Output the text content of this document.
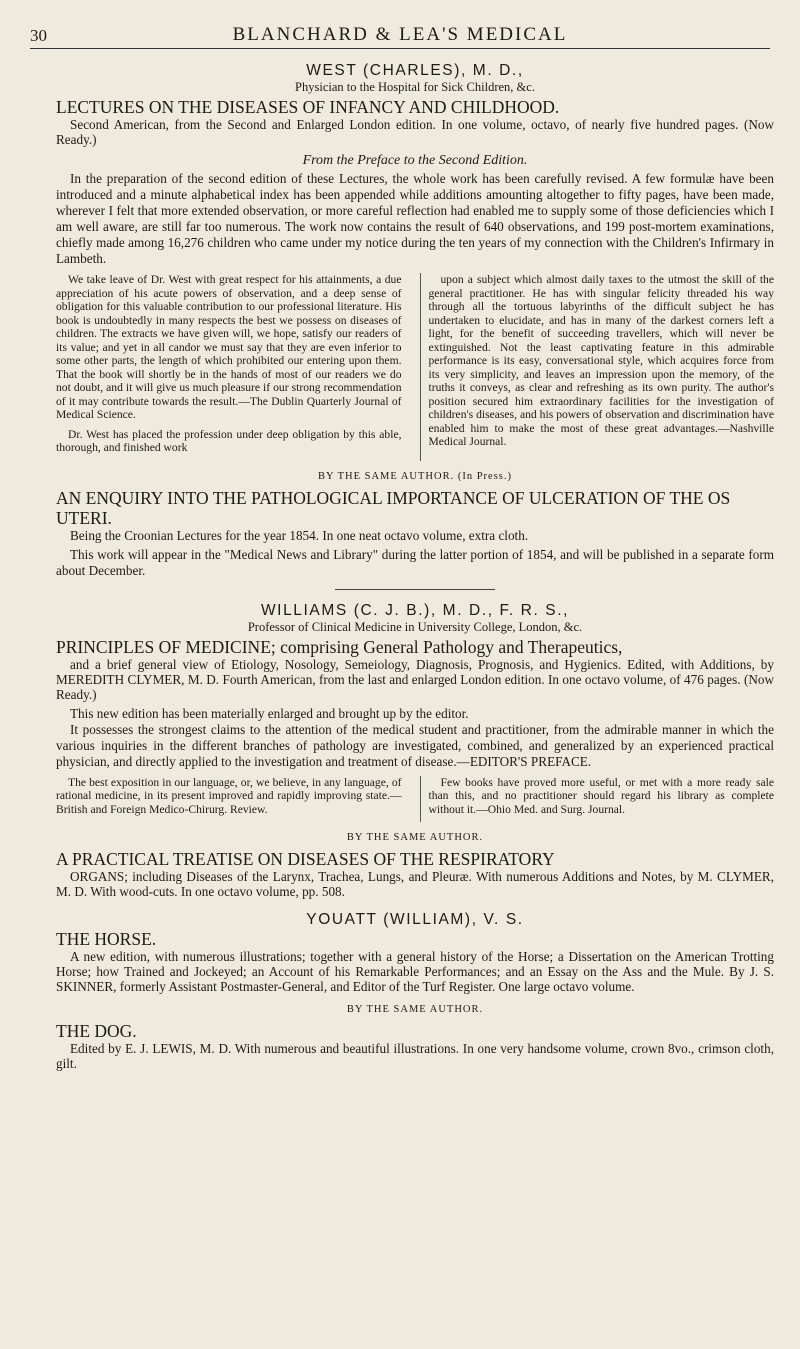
30	BLANCHARD & LEA'S MEDICAL

WEST (CHARLES), M. D.,

Physician to the Hospital for Sick Children, &c.

LECTURES ON THE DISEASES OF INFANCY AND CHILDHOOD.

Second American, from the Second and Enlarged London edition. In one volume, octavo, of nearly five hundred pages. (Now Ready.)

From the Preface to the Second Edition.

In the preparation of the second edition of these Lectures, the whole work has been carefully revised. A few formulæ have been introduced and a minute alphabetical index has been appended while additions amounting altogether to fifty pages, have been made, wherever I felt that more extended observation, or more careful reflection had enabled me to supply some of those deficiencies which I am well aware, are still far too numerous. The work now contains the result of 640 observations, and 199 post-mortem examinations, chiefly made among 16,276 children who came under my notice during the ten years of my connection with the Children's Infirmary in Lambeth.

We take leave of Dr. West with great respect for his attainments, a due appreciation of his acute powers of observation, and a deep sense of obligation for this valuable contribution to our professional literature. His book is undoubtedly in many respects the best we possess on diseases of children. The extracts we have given will, we hope, satisfy our readers of its value; and yet in all candor we must say that they are even inferior to some other parts, the length of which prohibited our entering upon them. That the book will shortly be in the hands of most of our readers we do not doubt, and it will give us much pleasure if our strong recommendation of it may contribute towards the result.—The Dublin Quarterly Journal of Medical Science.

Dr. West has placed the profession under deep obligation by this able, thorough, and finished work

upon a subject which almost daily taxes to the utmost the skill of the general practitioner. He has with singular felicity threaded his way through all the tortuous labyrinths of the difficult subject he has undertaken to elucidate, and has in many of the darkest corners left a light, for the benefit of succeeding travellers, which will never be extinguished. Not the least captivating feature in this admirable performance is its easy, conversational style, which acquires force from its very simplicity, and leaves an impression upon the memory, of the truths it conveys, as clear and refreshing as its own purity. The author's position secured him extraordinary facilities for the investigation of children's diseases, and his powers of observation and discrimination have enabled him to make the most of these great advantages.—Nashville Medical Journal.

BY THE SAME AUTHOR. (In Press.)

AN ENQUIRY INTO THE PATHOLOGICAL IMPORTANCE OF ULCERATION OF THE OS UTERI.

Being the Croonian Lectures for the year 1854. In one neat octavo volume, extra cloth.

This work will appear in the "Medical News and Library" during the latter portion of 1854, and will be published in a separate form about December.

WILLIAMS (C. J. B.), M. D., F. R. S.,

Professor of Clinical Medicine in University College, London, &c.

PRINCIPLES OF MEDICINE; comprising General Pathology and Therapeutics,

and a brief general view of Etiology, Nosology, Semeiology, Diagnosis, Prognosis, and Hygienics. Edited, with Additions, by MEREDITH CLYMER, M. D. Fourth American, from the last and enlarged London edition. In one octavo volume, of 476 pages. (Now Ready.)

This new edition has been materially enlarged and brought up by the editor.

It possesses the strongest claims to the attention of the medical student and practitioner, from the admirable manner in which the various inquiries in the different branches of pathology are investigated, combined, and generalized by an experienced practical physician, and directly applied to the investigation and treatment of disease.—EDITOR'S PREFACE.

The best exposition in our language, or, we believe, in any language, of rational medicine, in its present improved and rapidly improving state.—British and Foreign Medico-Chirurg. Review.

Few books have proved more useful, or met with a more ready sale than this, and no practitioner should regard his library as complete without it.—Ohio Med. and Surg. Journal.

BY THE SAME AUTHOR.

A PRACTICAL TREATISE ON DISEASES OF THE RESPIRATORY

ORGANS; including Diseases of the Larynx, Trachea, Lungs, and Pleuræ. With numerous Additions and Notes, by M. CLYMER, M. D. With wood-cuts. In one octavo volume, pp. 508.

YOUATT (WILLIAM), V. S.

THE HORSE.

A new edition, with numerous illustrations; together with a general history of the Horse; a Dissertation on the American Trotting Horse; how Trained and Jockeyed; an Account of his Remarkable Performances; and an Essay on the Ass and the Mule. By J. S. SKINNER, formerly Assistant Postmaster-General, and Editor of the Turf Register. One large octavo volume.

BY THE SAME AUTHOR.

THE DOG.

Edited by E. J. LEWIS, M. D. With numerous and beautiful illustrations. In one very handsome volume, crown 8vo., crimson cloth, gilt.
